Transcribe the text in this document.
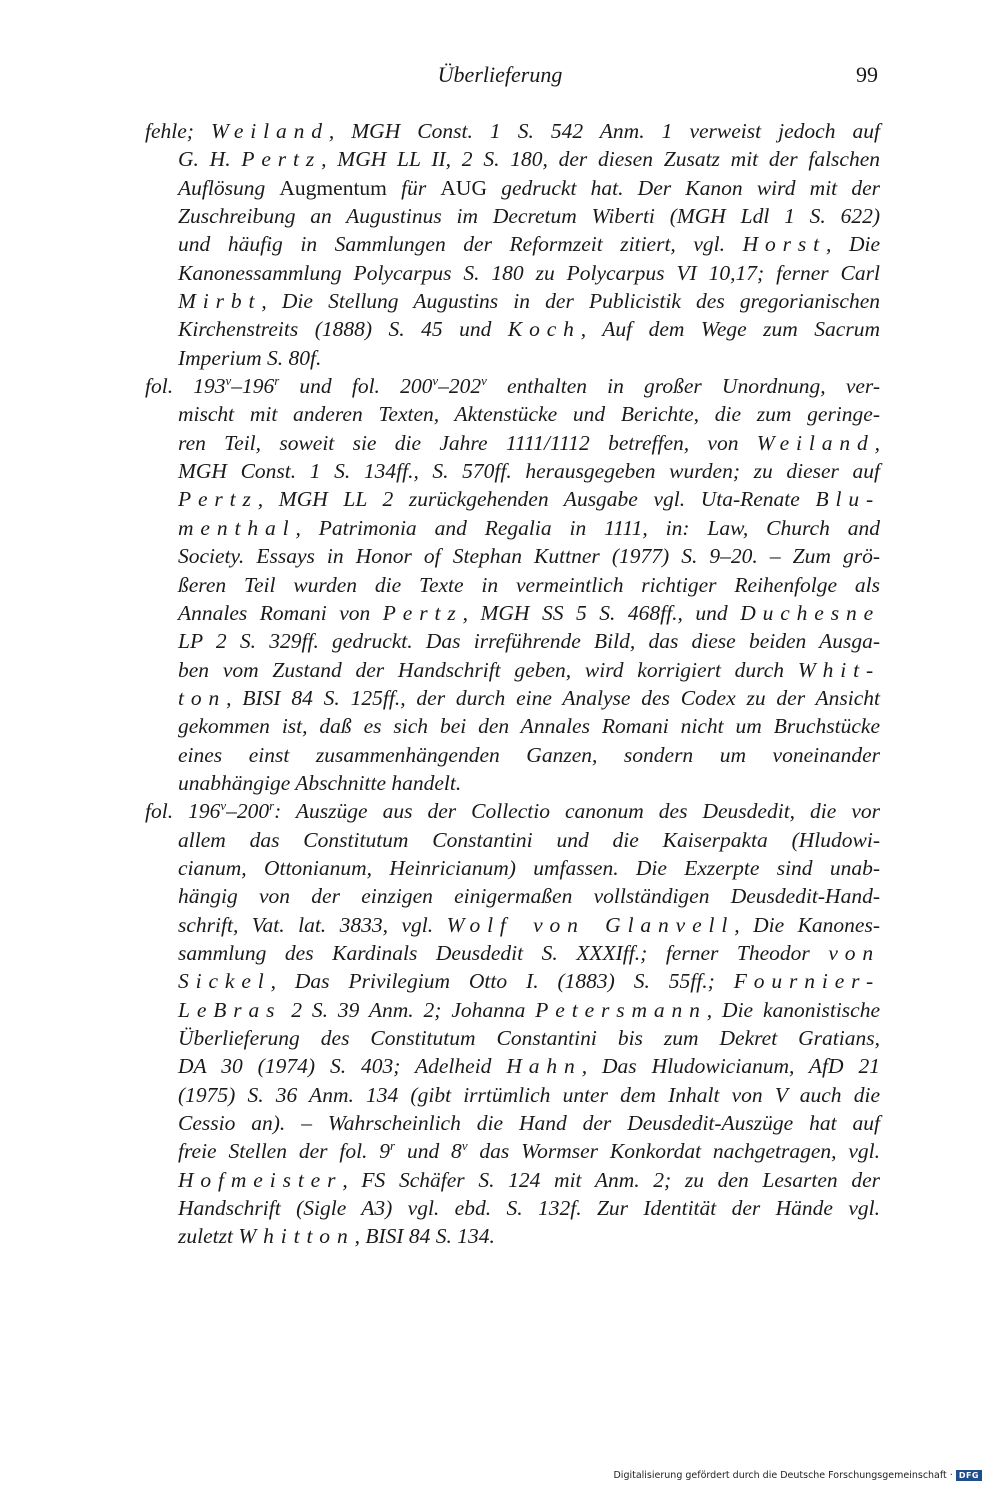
Überlieferung	99
fehle; Weiland, MGH Const. 1 S. 542 Anm. 1 verweist jedoch auf
G. H. Pertz, MGH LL II, 2 S. 180, der diesen Zusatz mit der falschen
Auflösung Augmentum für AUG gedruckt hat. Der Kanon wird mit der
Zuschreibung an Augustinus im Decretum Wiberti (MGH Ldl 1 S. 622)
und häufig in Sammlungen der Reformzeit zitiert, vgl. Horst, Die
Kanonessammlung Polycarpus S. 180 zu Polycarpus VI 10,17; ferner Carl
Mirbt, Die Stellung Augustins in der Publicistik des gregorianischen
Kirchenstreits (1888) S. 45 und Koch, Auf dem Wege zum Sacrum
Imperium S. 80f.
fol. 193$^v$–196$^r$ und fol. 200$^v$–202$^v$ enthalten in großer Unordnung, ver-
mischt mit anderen Texten, Aktenstücke und Berichte, die zum geringe-
ren Teil, soweit sie die Jahre 1111/1112 betreffen, von Weiland,
MGH Const. 1 S. 134ff., S. 570ff. herausgegeben wurden; zu dieser auf
Pertz, MGH LL 2 zurückgehenden Ausgabe vgl. Uta-Renate Blu-
menthal, Patrimonia and Regalia in 1111, in: Law, Church and
Society. Essays in Honor of Stephan Kuttner (1977) S. 9–20. – Zum grö-
ßeren Teil wurden die Texte in vermeintlich richtiger Reihenfolge als
Annales Romani von Pertz, MGH SS 5 S. 468ff., und Duchesne
LP 2 S. 329ff. gedruckt. Das irreführende Bild, das diese beiden Ausga-
ben vom Zustand der Handschrift geben, wird korrigiert durch Whit-
ton, BISI 84 S. 125ff., der durch eine Analyse des Codex zu der Ansicht
gekommen ist, daß es sich bei den Annales Romani nicht um Bruchstücke
eines einst zusammenhängenden Ganzen, sondern um voneinander
unabhängige Abschnitte handelt.
fol. 196$^v$–200$^r$: Auszüge aus der Collectio canonum des Deusdedit, die vor
allem das Constitutum Constantini und die Kaiserpakta (Hludowi-
cianum, Ottonianum, Heinricianum) umfassen. Die Exzerpte sind unab-
hängig von der einzigen einigermaßen vollständigen Deusdedit-Hand-
schrift, Vat. lat. 3833, vgl. Wolf von Glanvell, Die Kanones-
sammlung des Kardinals Deusdedit S. XXXIff.; ferner Theodor von
Sickel, Das Privilegium Otto I. (1883) S. 55ff.; Fournier-
LeBras 2 S. 39 Anm. 2; Johanna Petersmann, Die kanonistische
Überlieferung des Constitutum Constantini bis zum Dekret Gratians,
DA 30 (1974) S. 403; Adelheid Hahn, Das Hludowicianum, AfD 21
(1975) S. 36 Anm. 134 (gibt irrtümlich unter dem Inhalt von V auch die
Cessio an). – Wahrscheinlich die Hand der Deusdedit-Auszüge hat auf
freie Stellen der fol. 9$^r$ und 8$^v$ das Wormser Konkordat nachgetragen, vgl.
Hofmeister, FS Schäfer S. 124 mit Anm. 2; zu den Lesarten der
Handschrift (Sigle A3) vgl. ebd. S. 132f. Zur Identität der Hände vgl.
zuletzt Whitton, BISI 84 S. 134.
Digitalisierung gefördert durch die Deutsche Forschungsgemeinschaft · DFG
